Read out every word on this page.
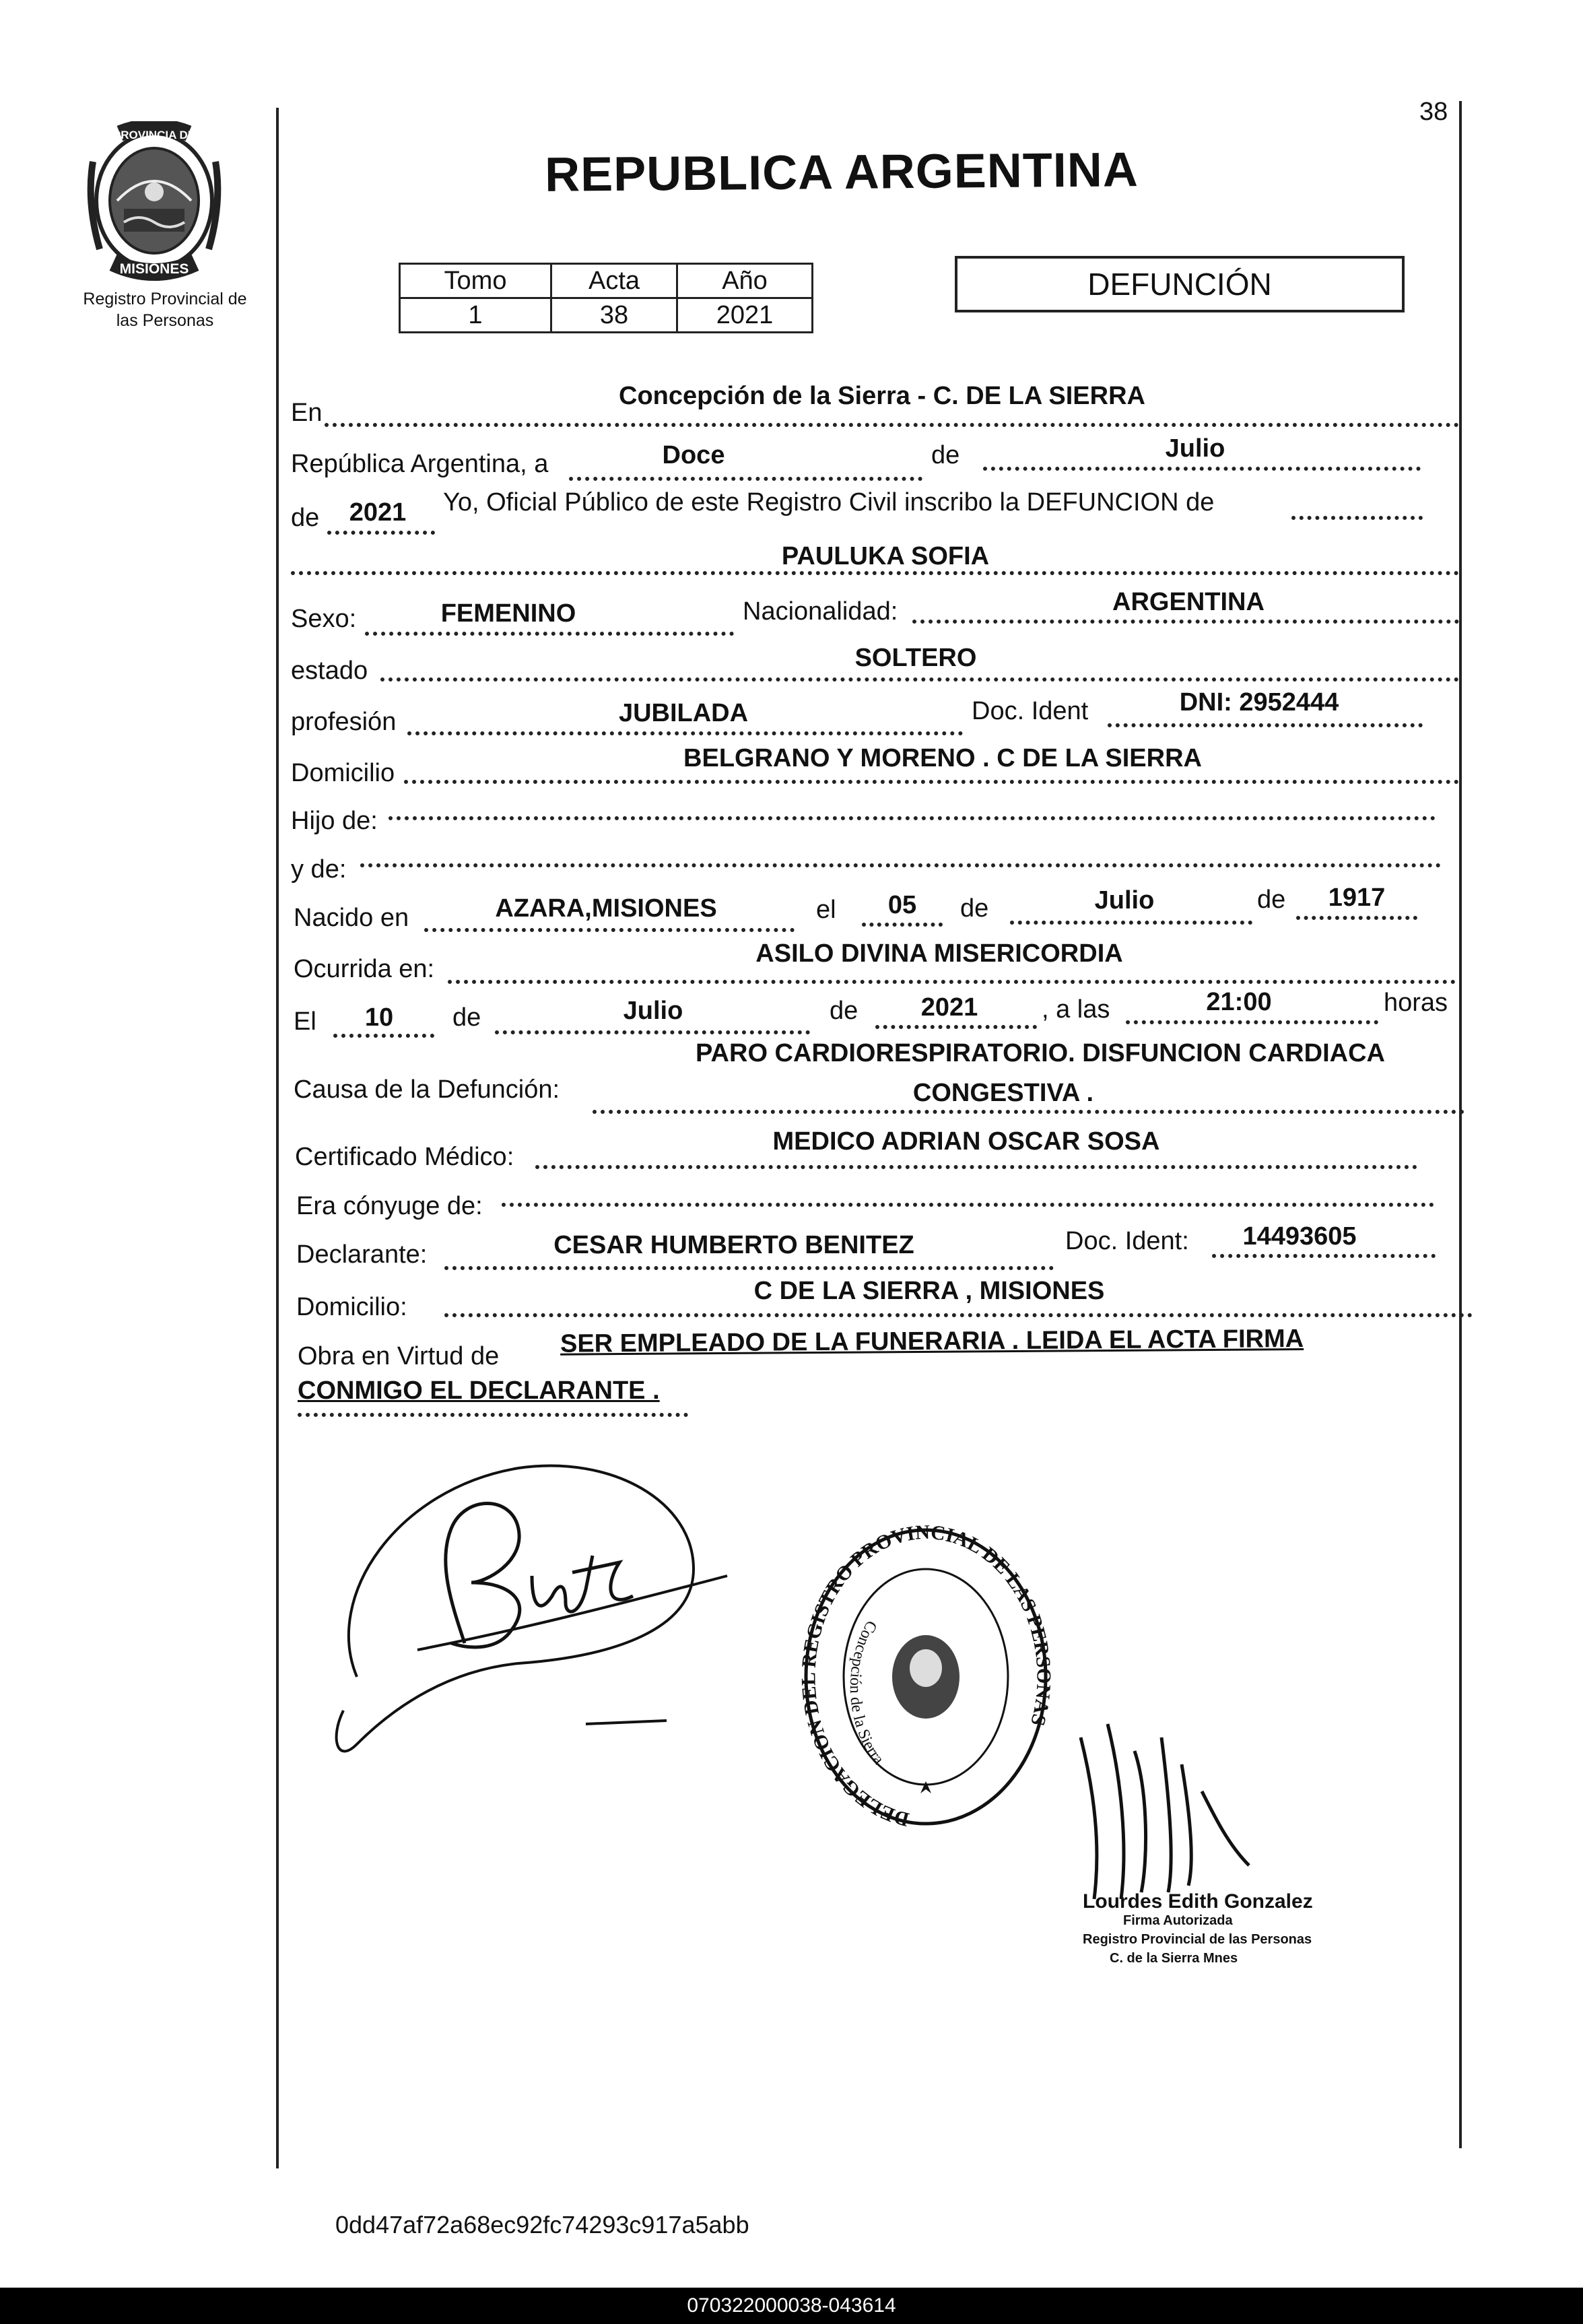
38
PROVINCIA DE
MISIONES
Registro Provincial de
las Personas
REPUBLICA ARGENTINA
Tomo	Acta	Año
1	38	2021
DEFUNCIÓN
En
Concepción de la Sierra - C. DE LA SIERRA
República Argentina, a	Doce	de	Julio
de	2021	Yo, Oficial Público de este Registro Civil inscribo la DEFUNCION de
PAULUKA SOFIA
Sexo:	FEMENINO	Nacionalidad:	ARGENTINA
estado	SOLTERO
profesión	JUBILADA	Doc. Ident	DNI: 2952444
Domicilio
BELGRANO Y MORENO . C DE LA SIERRA
Hijo de:
y de:
Nacido en	AZARA,MISIONES	el	05	de	Julio	de	1917
Ocurrida en:
ASILO DIVINA MISERICORDIA
El	10	de	Julio	de	2021	, a las	21:00	horas
PARO CARDIORESPIRATORIO. DISFUNCION CARDIACA
Causa de la Defunción:	CONGESTIVA .
Certificado Médico:
MEDICO ADRIAN OSCAR SOSA
Era cónyuge de:
Declarante:	CESAR HUMBERTO BENITEZ	Doc. Ident:	14493605
Domicilio:
C DE LA SIERRA , MISIONES
Obra en Virtud de SER EMPLEADO DE LA FUNERARIA . LEIDA EL ACTA FIRMA
CONMIGO EL DECLARANTE .
DELEGACION DEL REGISTRO PROVINCIAL DE LAS PERSONAS
Concepción de la Sierra
Lourdes Edith Gonzalez
Firma Autorizada
Registro Provincial de las Personas
C. de la Sierra Mnes
0dd47af72a68ec92fc74293c917a5abb
070322000038-043614
